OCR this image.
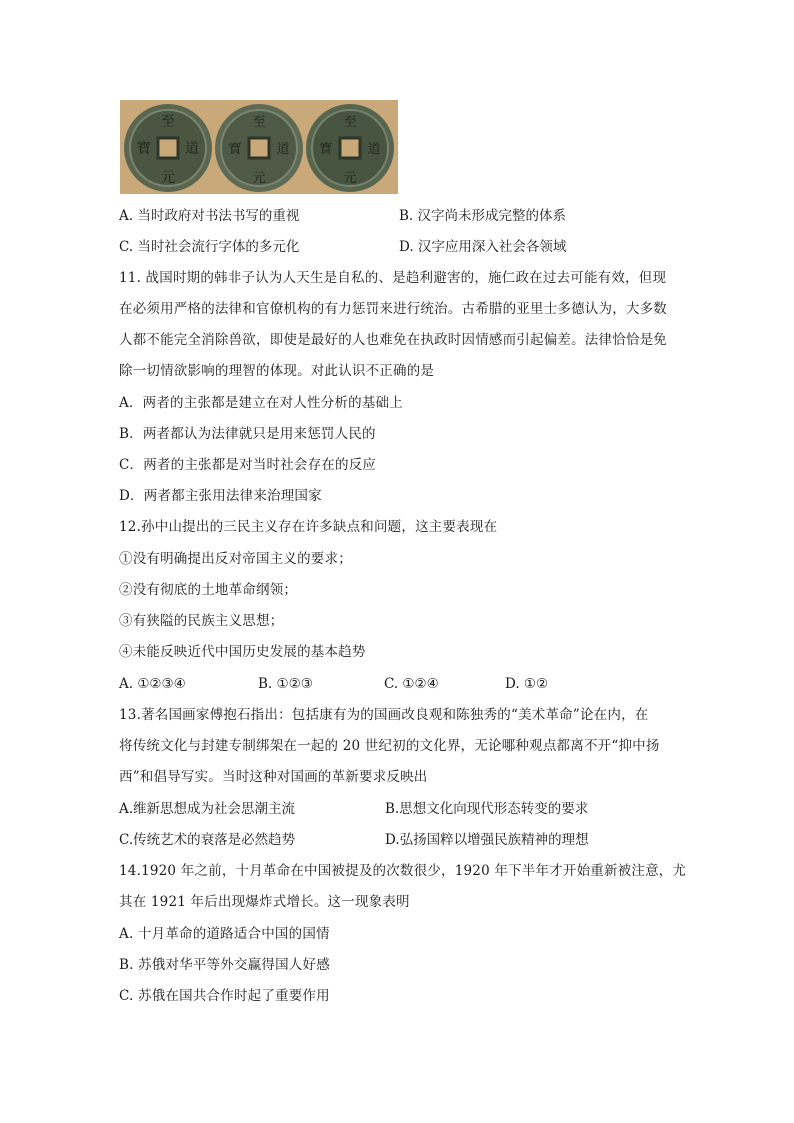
至
道
元
寶
至
道
元
寶
至
道
元
寶
A. 当时政府对书法书写的重视	B. 汉字尚未形成完整的体系
C. 当时社会流行字体的多元化	D. 汉字应用深入社会各领域
11. 战国时期的韩非子认为人天生是自私的、是趋利避害的，施仁政在过去可能有效，但现
在必须用严格的法律和官僚机构的有力惩罚来进行统治。古希腊的亚里士多德认为，大多数
人都不能完全消除兽欲，即使是最好的人也难免在执政时因情感而引起偏差。法律恰恰是免
除一切情欲影响的理智的体现。对此认识不正确的是
A．两者的主张都是建立在对人性分析的基础上
B．两者都认为法律就只是用来惩罚人民的
C．两者的主张都是对当时社会存在的反应
D．两者都主张用法律来治理国家
12.孙中山提出的三民主义存在许多缺点和问题，这主要表现在
①没有明确提出反对帝国主义的要求；
②没有彻底的土地革命纲领；
③有狭隘的民族主义思想；
④未能反映近代中国历史发展的基本趋势
A. ①②③④	B. ①②③	C. ①②④	D. ①②
13.著名国画家傅抱石指出：包括康有为的国画改良观和陈独秀的“美术革命”论在内，在
将传统文化与封建专制绑架在一起的 20 世纪初的文化界，无论哪种观点都离不开“抑中扬
西”和倡导写实。当时这种对国画的革新要求反映出
A.维新思想成为社会思潮主流	B.思想文化向现代形态转变的要求
C.传统艺术的衰落是必然趋势	D.弘扬国粹以增强民族精神的理想
14.1920 年之前，十月革命在中国被提及的次数很少，1920 年下半年才开始重新被注意，尤
其在 1921 年后出现爆炸式增长。这一现象表明
A. 十月革命的道路适合中国的国情
B. 苏俄对华平等外交赢得国人好感
C. 苏俄在国共合作时起了重要作用
